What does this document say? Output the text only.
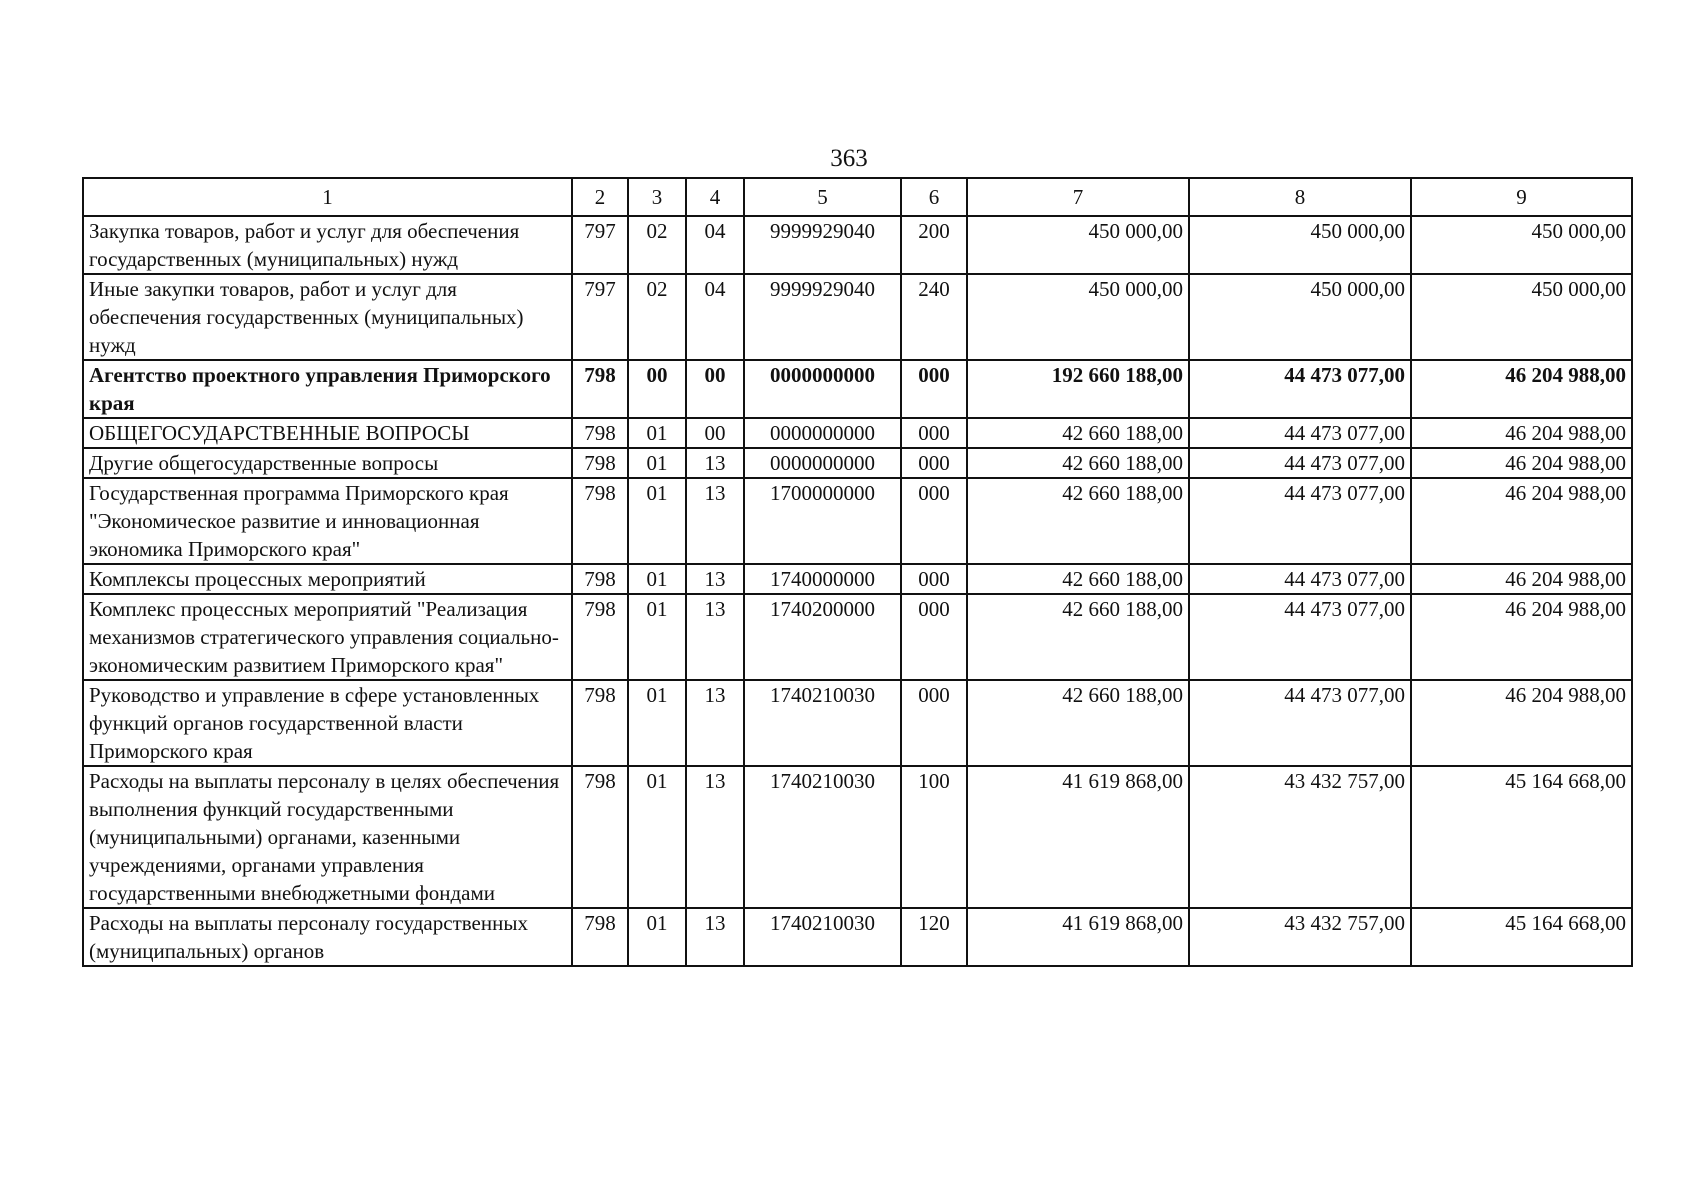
363
1	2	3	4	5	6	7	8	9
Закупка товаров, работ и услуг для обеспечения государственных (муниципальных) нужд	797	02	04	9999929040	200	450 000,00	450 000,00	450 000,00
Иные закупки товаров, работ и услуг для обеспечения государственных (муниципальных) нужд	797	02	04	9999929040	240	450 000,00	450 000,00	450 000,00
Агентство проектного управления Приморского края	798	00	00	0000000000	000	192 660 188,00	44 473 077,00	46 204 988,00
ОБЩЕГОСУДАРСТВЕННЫЕ ВОПРОСЫ	798	01	00	0000000000	000	42 660 188,00	44 473 077,00	46 204 988,00
Другие общегосударственные вопросы	798	01	13	0000000000	000	42 660 188,00	44 473 077,00	46 204 988,00
Государственная программа Приморского края "Экономическое развитие и инновационная экономика Приморского края"	798	01	13	1700000000	000	42 660 188,00	44 473 077,00	46 204 988,00
Комплексы процессных мероприятий	798	01	13	1740000000	000	42 660 188,00	44 473 077,00	46 204 988,00
Комплекс процессных мероприятий "Реализация механизмов стратегического управления социально-экономическим развитием Приморского края"	798	01	13	1740200000	000	42 660 188,00	44 473 077,00	46 204 988,00
Руководство и управление в сфере установленных функций органов государственной власти Приморского края	798	01	13	1740210030	000	42 660 188,00	44 473 077,00	46 204 988,00
Расходы на выплаты персоналу в целях обеспечения выполнения функций государственными (муниципальными) органами, казенными учреждениями, органами управления государственными внебюджетными фондами	798	01	13	1740210030	100	41 619 868,00	43 432 757,00	45 164 668,00
Расходы на выплаты персоналу государственных (муниципальных) органов	798	01	13	1740210030	120	41 619 868,00	43 432 757,00	45 164 668,00
